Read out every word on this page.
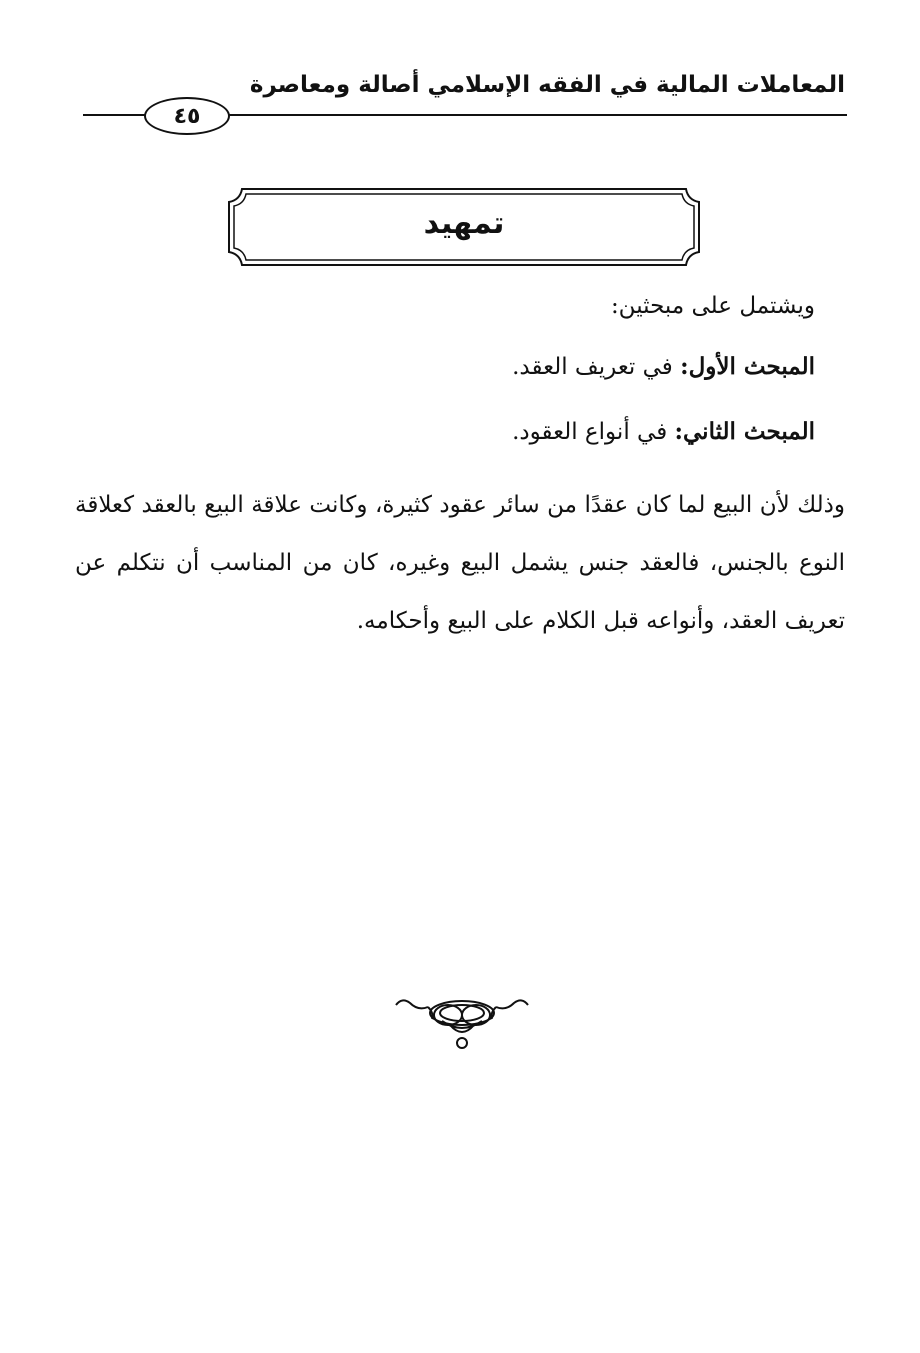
المعاملات المالية في الفقه الإسلامي أصالة ومعاصرة
٤٥
تمهيد
ويشتمل على مبحثين:
المبحث الأول: في تعريف العقد.
المبحث الثاني: في أنواع العقود.
وذلك لأن البيع لما كان عقدًا من سائر عقود كثيرة، وكانت علاقة البيع بالعقد كعلاقة النوع بالجنس، فالعقد جنس يشمل البيع وغيره، كان من المناسب أن نتكلم عن تعريف العقد، وأنواعه قبل الكلام على البيع وأحكامه.
